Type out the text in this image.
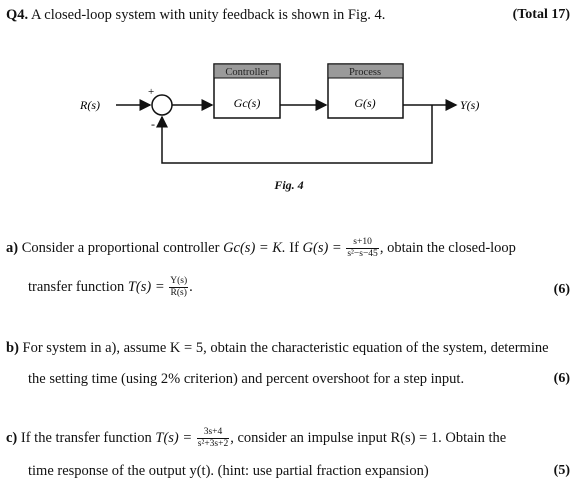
Q4. A closed-loop system with unity feedback is shown in Fig. 4.	(Total 17)
R(s)
+
-
Controller
Gc(s)
Process
G(s)	Y(s)
Fig. 4
a) Consider a proportional controller Gc(s) = K. If $G(s) = \frac{s+10}{\text{s²−s−45}}$ , obtain the closed-loop
transfer function $T(s) = \frac{Y(s)}{R(s)}$ .	(6)
b) For system in a), assume K = 5, obtain the characteristic equation of the system, determine
the setting time (using 2% criterion) and percent overshoot for a step input.	(6)
c) If the transfer function $T(s) = \frac{3s+4}{\text{s²+3s+2}}$ , consider an impulse input R(s) = 1. Obtain the
time response of the output y(t). (hint: use partial fraction expansion)	(5)
